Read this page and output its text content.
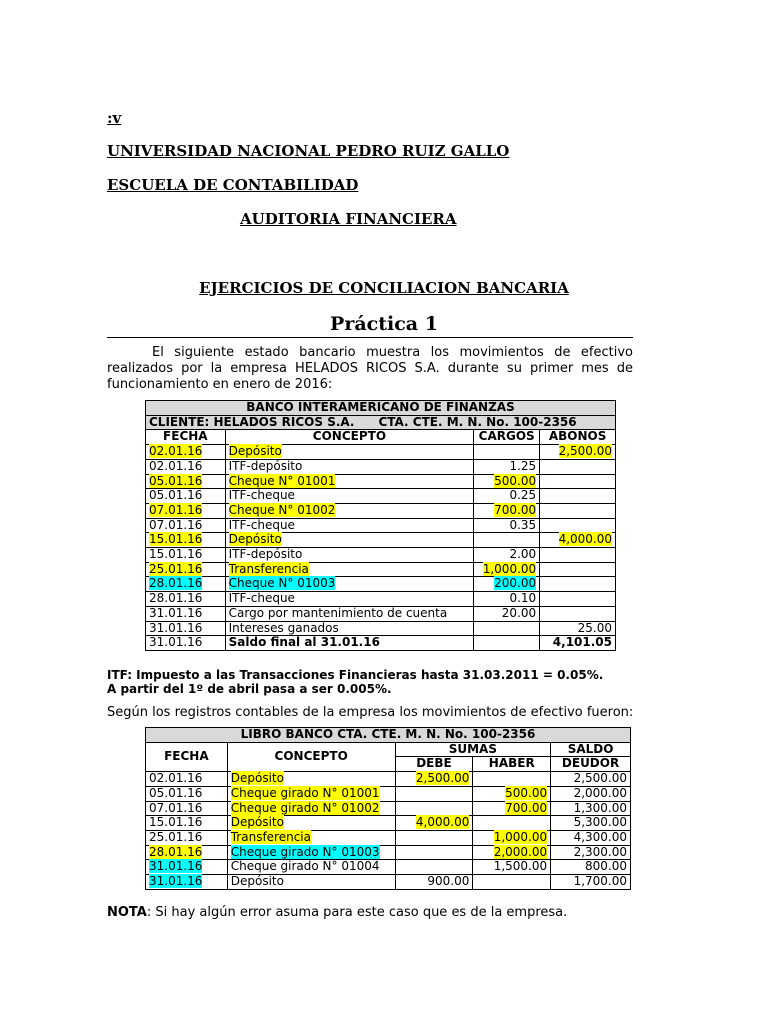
:v
UNIVERSIDAD NACIONAL PEDRO RUIZ GALLO
ESCUELA DE CONTABILIDAD
AUDITORIA FINANCIERA
EJERCICIOS DE CONCILIACION BANCARIA
Práctica 1
El siguiente estado bancario muestra los movimientos de efectivo realizados por la empresa HELADOS RICOS S.A. durante su primer mes de funcionamiento en enero de 2016:
BANCO INTERAMERICANO DE FINANZAS			
CLIENTE: HELADOS RICOS S.A. CTA. CTE. M. N. No. 100-2356			
FECHA	CONCEPTO	CARGOS	ABONOS
02.01.16	Depósito		2,500.00
02.01.16	ITF-depósito	1.25	
05.01.16	Cheque N° 01001	500.00	
05.01.16	ITF-cheque	0.25	
07.01.16	Cheque N° 01002	700.00	
07.01.16	ITF-cheque	0.35	
15.01.16	Depósito		4,000.00
15.01.16	ITF-depósito	2.00	
25.01.16	Transferencia	1,000.00	
28.01.16	Cheque N° 01003	200.00	
28.01.16	ITF-cheque	0.10	
31.01.16	Cargo por mantenimiento de cuenta	20.00	
31.01.16	Intereses ganados		25.00
31.01.16	Saldo final al 31.01.16		4,101.05
ITF: Impuesto a las Transacciones Financieras hasta 31.03.2011 = 0.05%.
A partir del 1º de abril pasa a ser 0.005%.
Según los registros contables de la empresa los movimientos de efectivo fueron:
LIBRO BANCO CTA. CTE. M. N. No. 100-2356				
FECHA	CONCEPTO	SUMAS		SALDO
		DEBE	HABER	DEUDOR
02.01.16	Depósito	2,500.00		2,500.00
05.01.16	Cheque girado N° 01001		500.00	2,000.00
07.01.16	Cheque girado N° 01002		700.00	1,300.00
15.01.16	Depósito	4,000.00		5,300.00
25.01.16	Transferencia		1,000.00	4,300.00
28.01.16	Cheque girado N° 01003		2,000.00	2,300.00
31.01.16	Cheque girado N° 01004		1,500.00	800.00
31.01.16	Depósito	900.00		1,700.00
NOTA: Si hay algún error asuma para este caso que es de la empresa.
